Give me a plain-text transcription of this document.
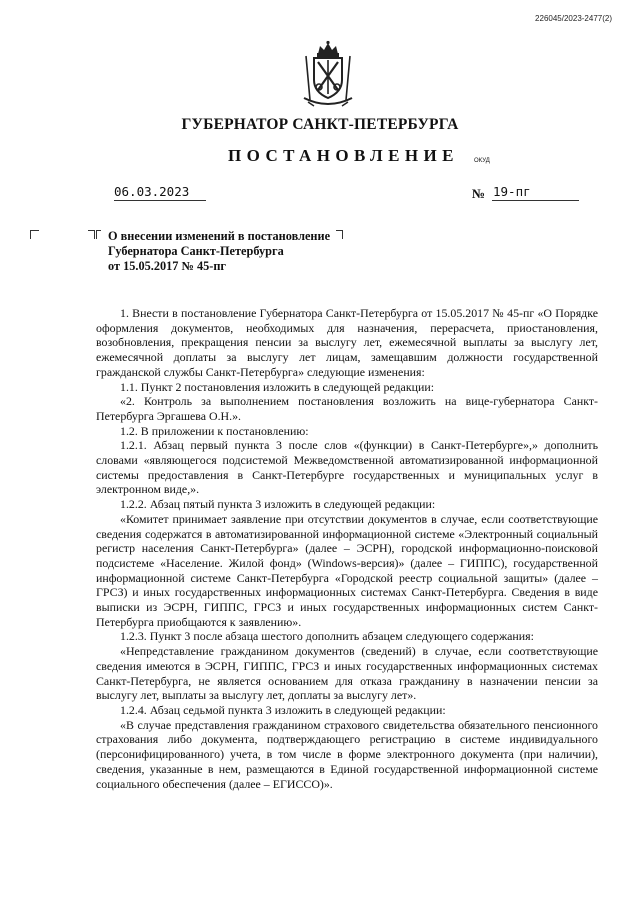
226045/2023-2477(2)
ГУБЕРНАТОР САНКТ-ПЕТЕРБУРГА
ПОСТАНОВЛЕНИЕ	ОКУД
06.03.2023	№ 19-пг
О внесении изменений в постановление
Губернатора Санкт-Петербурга
от 15.05.2017 № 45-пг

1. Внести в постановление Губернатора Санкт-Петербурга от 15.05.2017 № 45-пг «О Порядке оформления документов, необходимых для назначения, перерасчета, приостановления, возобновления, прекращения пенсии за выслугу лет, ежемесячной выплаты за выслугу лет, ежемесячной доплаты за выслугу лет лицам, замещавшим должности государственной гражданской службы Санкт-Петербурга» следующие изменения:

1.1. Пункт 2 постановления изложить в следующей редакции:

«2. Контроль за выполнением постановления возложить на вице-губернатора Санкт-Петербурга Эргашева О.Н.».

1.2. В приложении к постановлению:

1.2.1. Абзац первый пункта 3 после слов «(функции) в Санкт-Петербурге»,» дополнить словами «являющегося подсистемой Межведомственной автоматизированной информационной системы предоставления в Санкт-Петербурге государственных и муниципальных услуг в электронном виде,».

1.2.2. Абзац пятый пункта 3 изложить в следующей редакции:

«Комитет принимает заявление при отсутствии документов в случае, если соответствующие сведения содержатся в автоматизированной информационной системе «Электронный социальный регистр населения Санкт-Петербурга» (далее – ЭСРН), городской информационно-поисковой подсистеме «Население. Жилой фонд» (Windows-версия)» (далее – ГИППС), государственной информационной системе Санкт-Петербурга «Городской реестр социальной защиты» (далее – ГРСЗ) и иных государственных информационных системах Санкт-Петербурга. Сведения в виде выписки из ЭСРН, ГИППС, ГРСЗ и иных государственных информационных систем Санкт-Петербурга приобщаются к заявлению».

1.2.3. Пункт 3 после абзаца шестого дополнить абзацем следующего содержания:

«Непредставление гражданином документов (сведений) в случае, если соответствующие сведения имеются в ЭСРН, ГИППС, ГРСЗ и иных государственных информационных системах Санкт-Петербурга, не является основанием для отказа гражданину в назначении пенсии за выслугу лет, выплаты за выслугу лет, доплаты за выслугу лет».

1.2.4. Абзац седьмой пункта 3 изложить в следующей редакции:

«В случае представления гражданином страхового свидетельства обязательного пенсионного страхования либо документа, подтверждающего регистрацию в системе индивидуального (персонифицированного) учета, в том числе в форме электронного документа (при наличии), сведения, указанные в нем, размещаются в Единой государственной информационной системе социального обеспечения (далее – ЕГИССО)».
